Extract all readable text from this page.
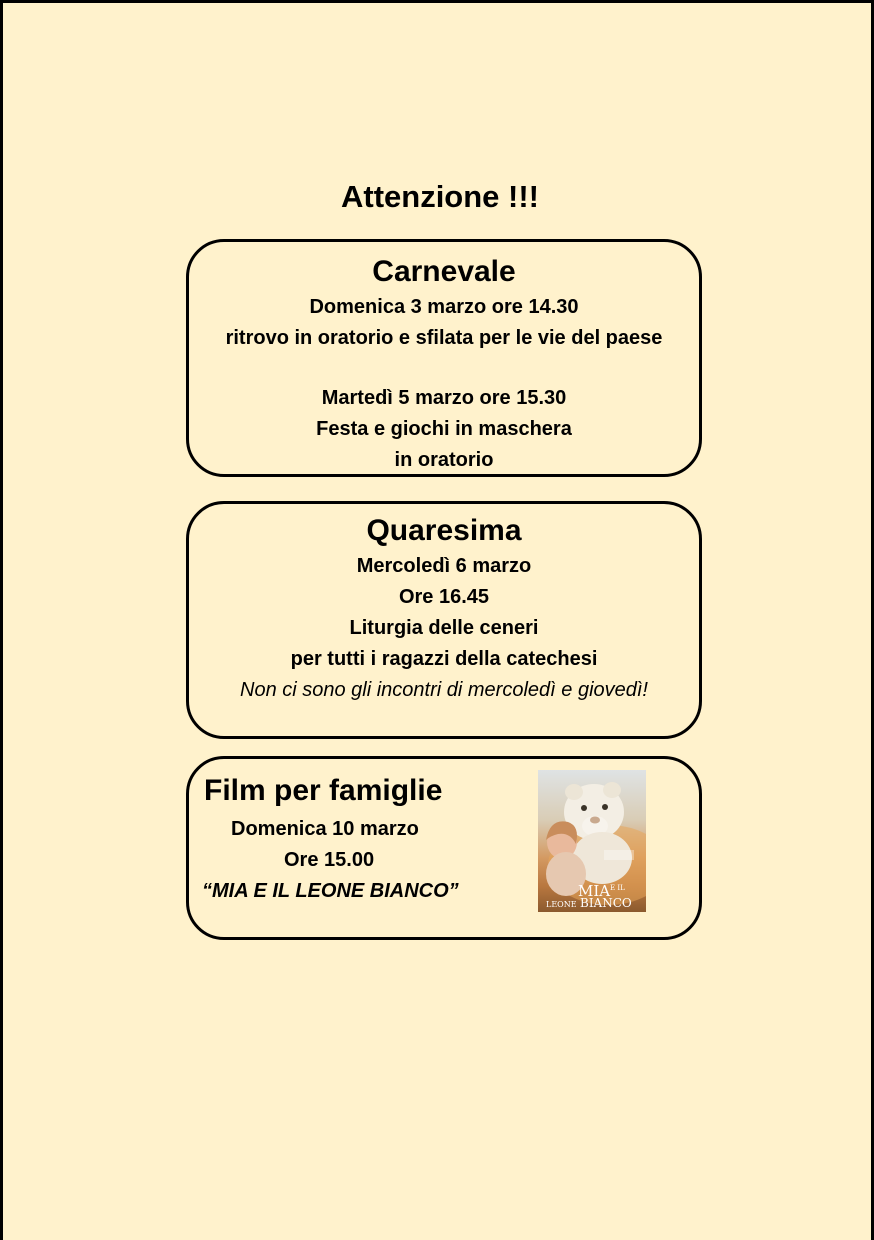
Attenzione !!!
Carnevale
Domenica 3 marzo ore 14.30
ritrovo in oratorio e sfilata per le vie del paese
Martedì 5 marzo ore 15.30
Festa e giochi in maschera
in oratorio
Quaresima
Mercoledì 6 marzo
Ore 16.45
Liturgia delle ceneri
per tutti i ragazzi della catechesi
Non ci sono gli incontri di mercoledì e giovedì!
Film per famiglie
Domenica 10 marzo
Ore 15.00
“MIA E IL LEONE BIANCO”	MIA E IL
LEONE BIANCO
